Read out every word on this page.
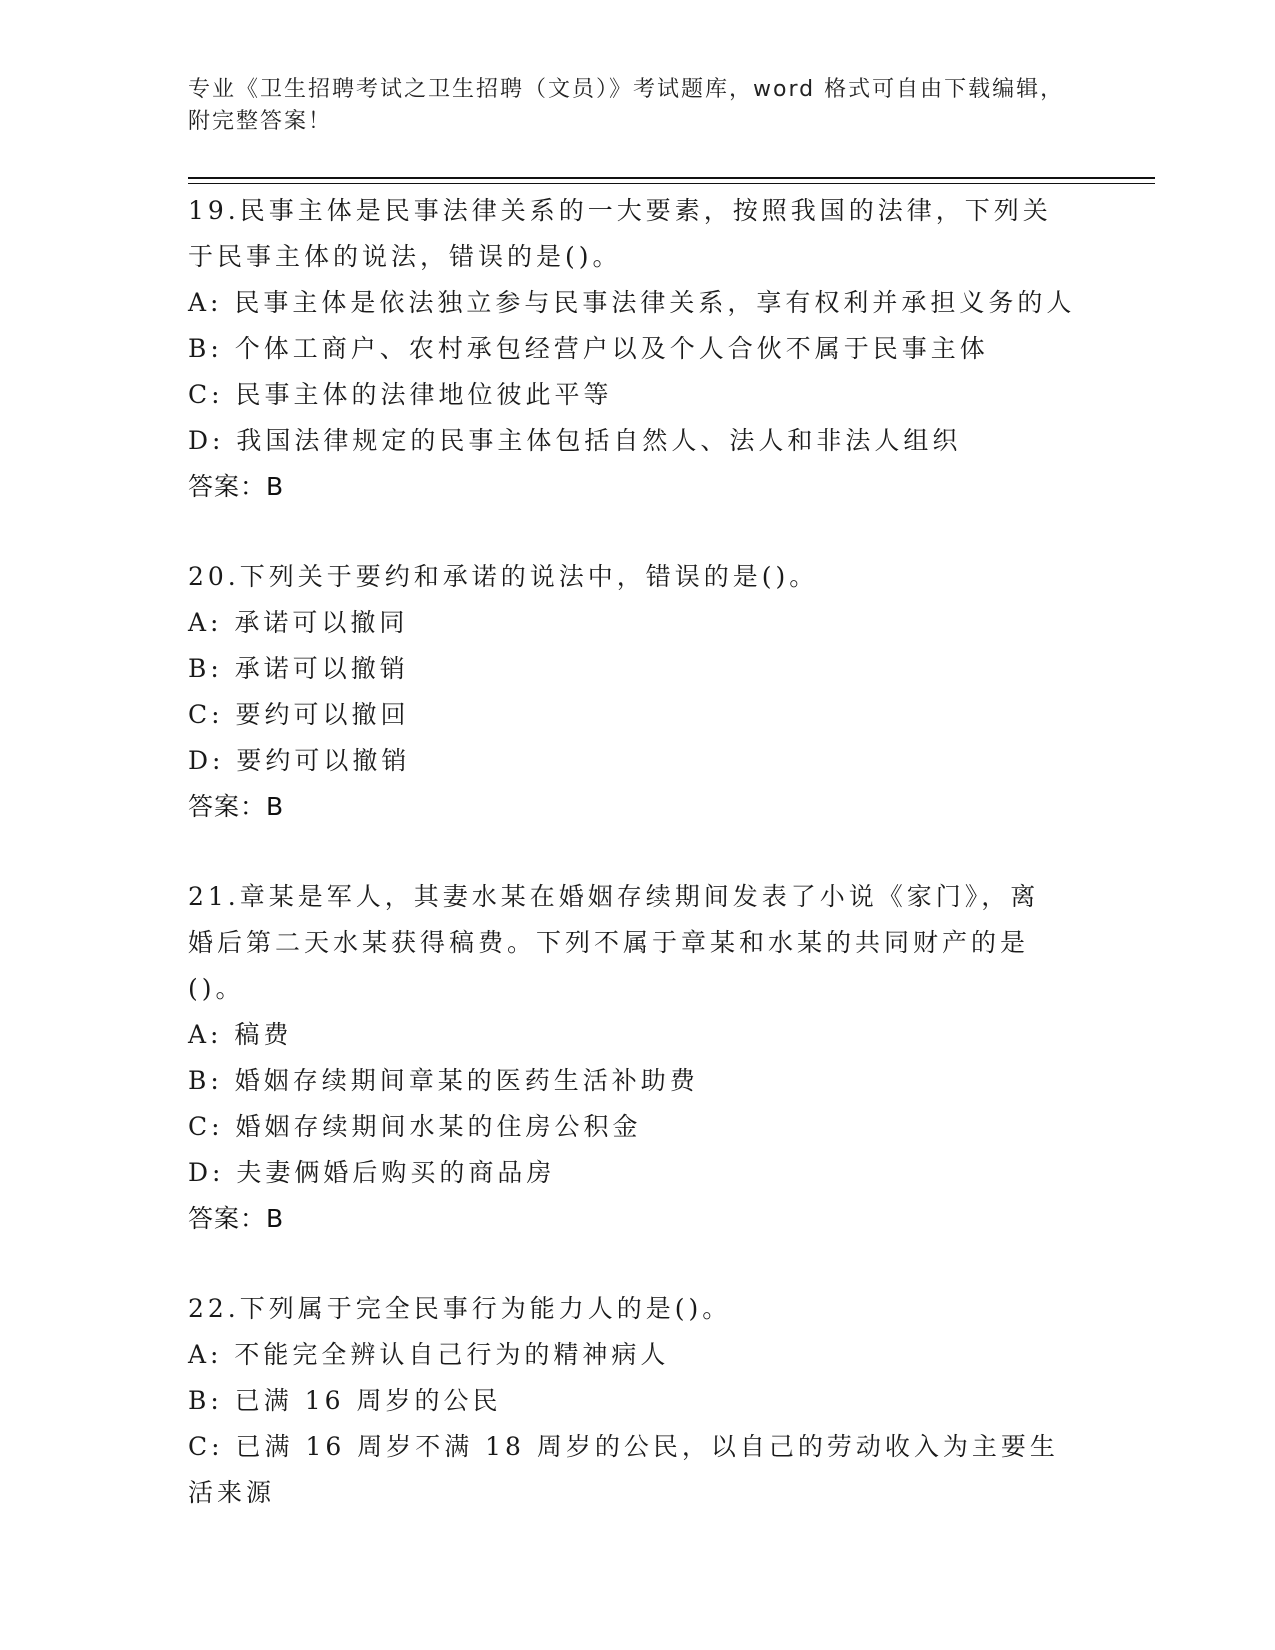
专业《卫生招聘考试之卫生招聘（文员）》考试题库，word 格式可自由下载编辑，附完整答案！

19.民事主体是民事法律关系的一大要素，按照我国的法律，下列关于民事主体的说法，错误的是()。

A: 民事主体是依法独立参与民事法律关系，享有权利并承担义务的人

B: 个体工商户、农村承包经营户以及个人合伙不属于民事主体

C: 民事主体的法律地位彼此平等

D: 我国法律规定的民事主体包括自然人、法人和非法人组织

答案：B

20.下列关于要约和承诺的说法中，错误的是()。

A: 承诺可以撤同

B: 承诺可以撤销

C: 要约可以撤回

D: 要约可以撤销

答案：B

21.章某是军人，其妻水某在婚姻存续期间发表了小说《家门》，离婚后第二天水某获得稿费。下列不属于章某和水某的共同财产的是()。

A: 稿费

B: 婚姻存续期间章某的医药生活补助费

C: 婚姻存续期间水某的住房公积金

D: 夫妻俩婚后购买的商品房

答案：B

22.下列属于完全民事行为能力人的是()。

A: 不能完全辨认自己行为的精神病人

B: 已满 16 周岁的公民

C: 已满 16 周岁不满 18 周岁的公民，以自己的劳动收入为主要生活来源
